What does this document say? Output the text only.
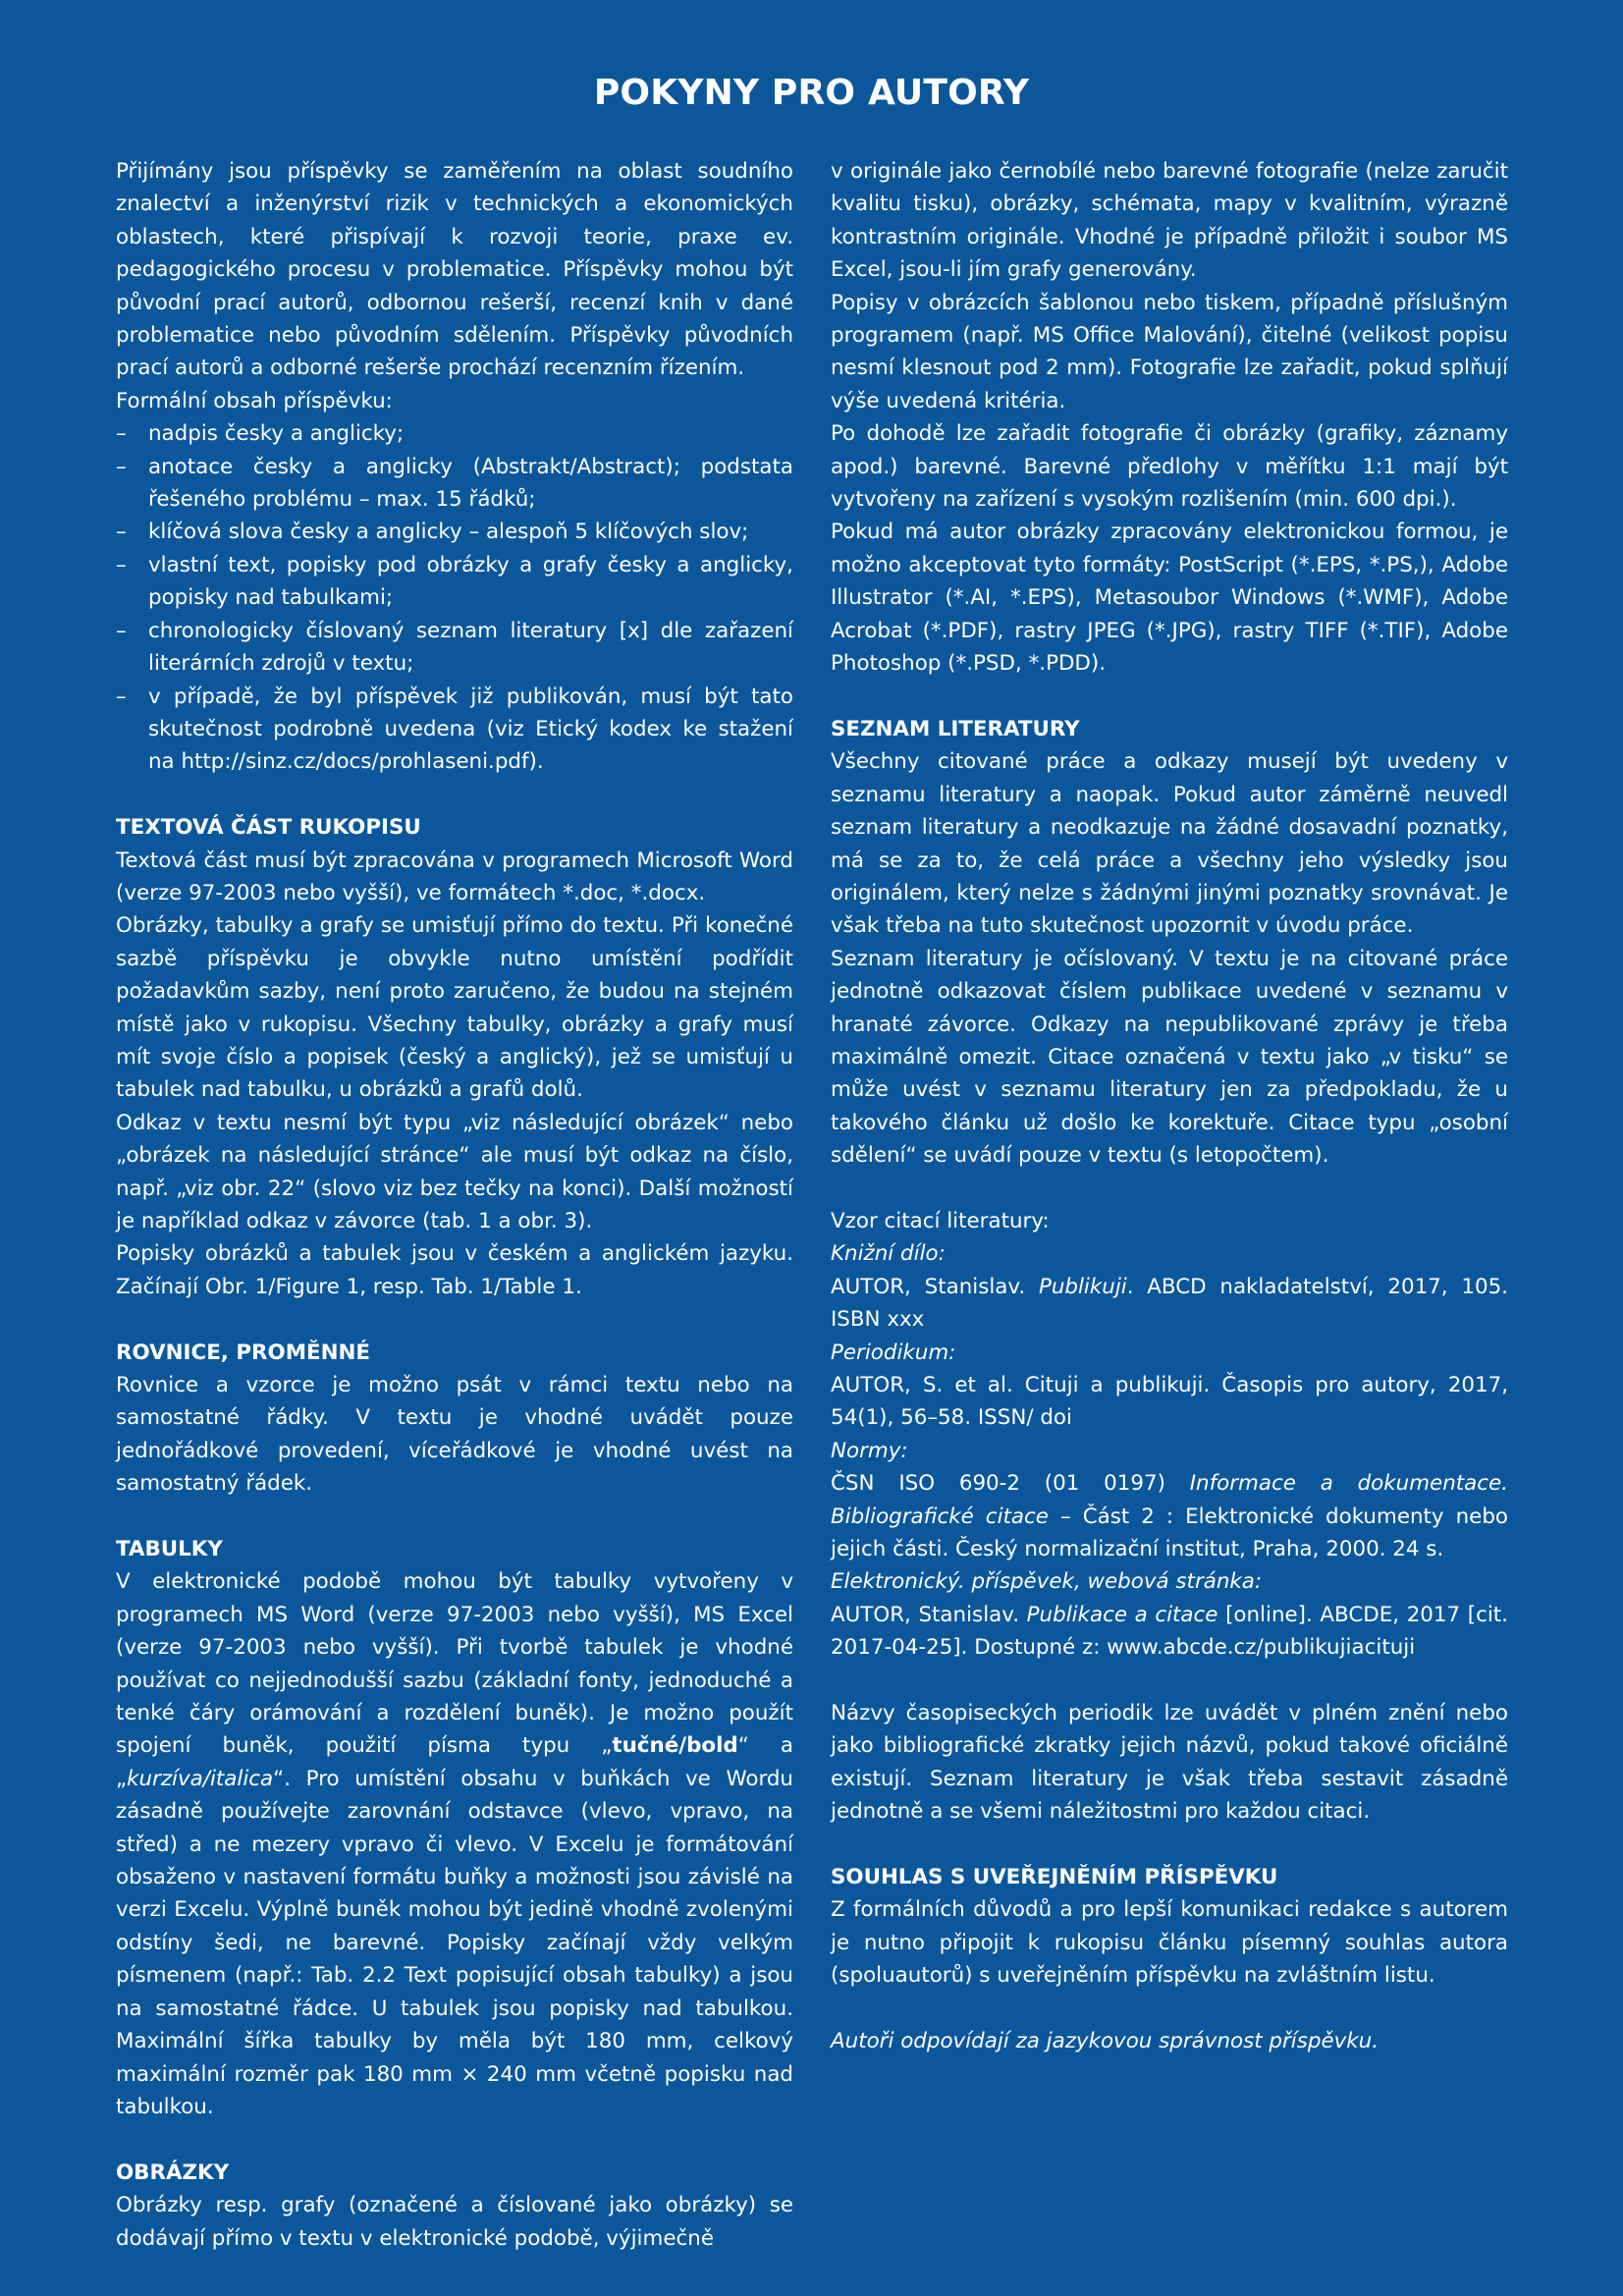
POKYNY PRO AUTORY

Přijímány jsou příspěvky se zaměřením na oblast soudního znalectví a inženýrství rizik v technických a ekonomických oblastech, které přispívají k rozvoji teorie, praxe ev. pedagogického procesu v problematice. Příspěvky mohou být původní prací autorů, odbornou rešerší, recenzí knih v dané problematice nebo původním sdělením. Příspěvky původních prací autorů a odborné rešerše prochází recenzním řízením.

Formální obsah příspěvku:

– nadpis česky a anglicky;
– anotace česky a anglicky (Abstrakt/Abstract); podstata řešeného problému – max. 15 řádků;
– klíčová slova česky a anglicky – alespoň 5 klíčových slov;
– vlastní text, popisky pod obrázky a grafy česky a anglicky, popisky nad tabulkami;
– chronologicky číslovaný seznam literatury [x] dle zařazení literárních zdrojů v textu;
– v případě, že byl příspěvek již publikován, musí být tato skutečnost podrobně uvedena (viz Etický kodex ke stažení na http://sinz.cz/docs/prohlaseni.pdf).
TEXTOVÁ ČÁST RUKOPISU

Textová část musí být zpracována v programech Microsoft Word (verze 97-2003 nebo vyšší), ve formátech *.doc, *.docx.

Obrázky, tabulky a grafy se umisťují přímo do textu. Při konečné sazbě příspěvku je obvykle nutno umístění podřídit požadavkům sazby, není proto zaručeno, že budou na stejném místě jako v rukopisu. Všechny tabulky, obrázky a grafy musí mít svoje číslo a popisek (český a anglický), jež se umisťují u tabulek nad tabulku, u obrázků a grafů dolů.

Odkaz v textu nesmí být typu „viz následující obrázek“ nebo „obrázek na následující stránce“ ale musí být odkaz na číslo, např. „viz obr. 22“ (slovo viz bez tečky na konci). Další možností je například odkaz v závorce (tab. 1 a obr. 3).

Popisky obrázků a tabulek jsou v českém a anglickém jazyku. Začínají Obr. 1/Figure 1, resp. Tab. 1/Table 1.

ROVNICE, PROMĚNNÉ

Rovnice a vzorce je možno psát v rámci textu nebo na samostatné řádky. V textu je vhodné uvádět pouze jednořádkové provedení, víceřádkové je vhodné uvést na samostatný řádek.

TABULKY

V elektronické podobě mohou být tabulky vytvořeny v programech MS Word (verze 97-2003 nebo vyšší), MS Excel (verze 97-2003 nebo vyšší). Při tvorbě tabulek je vhodné používat co nejjednodušší sazbu (základní fonty, jednoduché a tenké čáry orámování a rozdělení buněk). Je možno použít spojení buněk, použití písma typu „tučné/bold“ a „kurzíva/italica“. Pro umístění obsahu v buňkách ve Wordu zásadně používejte zarovnání odstavce (vlevo, vpravo, na střed) a ne mezery vpravo či vlevo. V Excelu je formátování obsaženo v nastavení formátu buňky a možnosti jsou závislé na verzi Excelu. Výplně buněk mohou být jedině vhodně zvolenými odstíny šedi, ne barevné. Popisky začínají vždy velkým písmenem (např.: Tab. 2.2 Text popisující obsah tabulky) a jsou na samostatné řádce. U tabulek jsou popisky nad tabulkou. Maximální šířka tabulky by měla být 180 mm, celkový maximální rozměr pak 180 mm × 240 mm včetně popisku nad tabulkou.

OBRÁZKY

Obrázky resp. grafy (označené a číslované jako obrázky) se dodávají přímo v textu v elektronické podobě, výjimečně

v originále jako černobílé nebo barevné fotografie (nelze zaručit kvalitu tisku), obrázky, schémata, mapy v kvalitním, výrazně kontrastním originále. Vhodné je případně přiložit i soubor MS Excel, jsou-li jím grafy generovány.

Popisy v obrázcích šablonou nebo tiskem, případně příslušným programem (např. MS Office Malování), čitelné (velikost popisu nesmí klesnout pod 2 mm). Fotografie lze zařadit, pokud splňují výše uvedená kritéria.

Po dohodě lze zařadit fotografie či obrázky (grafiky, záznamy apod.) barevné. Barevné předlohy v měřítku 1:1 mají být vytvořeny na zařízení s vysokým rozlišením (min. 600 dpi.).

Pokud má autor obrázky zpracovány elektronickou formou, je možno akceptovat tyto formáty: PostScript (*.EPS, *.PS,), Adobe Illustrator (*.AI, *.EPS), Metasoubor Windows (*.WMF), Adobe Acrobat (*.PDF), rastry JPEG (*.JPG), rastry TIFF (*.TIF), Adobe Photoshop (*.PSD, *.PDD).

SEZNAM LITERATURY

Všechny citované práce a odkazy musejí být uvedeny v seznamu literatury a naopak. Pokud autor záměrně neuvedl seznam literatury a neodkazuje na žádné dosavadní poznatky, má se za to, že celá práce a všechny jeho výsledky jsou originálem, který nelze s žádnými jinými poznatky srovnávat. Je však třeba na tuto skutečnost upozornit v úvodu práce.

Seznam literatury je očíslovaný. V textu je na citované práce jednotně odkazovat číslem publikace uvedené v seznamu v hranaté závorce. Odkazy na nepublikované zprávy je třeba maximálně omezit. Citace označená v textu jako „v tisku“ se může uvést v seznamu literatury jen za předpokladu, že u takového článku už došlo ke korektuře. Citace typu „osobní sdělení“ se uvádí pouze v textu (s letopočtem).

Vzor citací literatury:

Knižní dílo:

AUTOR, Stanislav. Publikuji. ABCD nakladatelství, 2017, 105. ISBN xxx

Periodikum:

AUTOR, S. et al. Cituji a publikuji. Časopis pro autory, 2017, 54(1), 56–58. ISSN/ doi

Normy:

ČSN ISO 690-2 (01 0197) Informace a dokumentace. Bibliografické citace – Část 2 : Elektronické dokumenty nebo jejich části. Český normalizační institut, Praha, 2000. 24 s.

Elektronický. příspěvek, webová stránka:

AUTOR, Stanislav. Publikace a citace [online]. ABCDE, 2017 [cit. 2017-04-25]. Dostupné z: www.abcde.cz/publikujiacituji

Názvy časopiseckých periodik lze uvádět v plném znění nebo jako bibliografické zkratky jejich názvů, pokud takové oficiálně existují. Seznam literatury je však třeba sestavit zásadně jednotně a se všemi náležitostmi pro každou citaci.

SOUHLAS S UVEŘEJNĚNÍM PŘÍSPĚVKU

Z formálních důvodů a pro lepší komunikaci redakce s autorem je nutno připojit k rukopisu článku písemný souhlas autora (spoluautorů) s uveřejněním příspěvku na zvláštním listu.

Autoři odpovídají za jazykovou správnost příspěvku.
